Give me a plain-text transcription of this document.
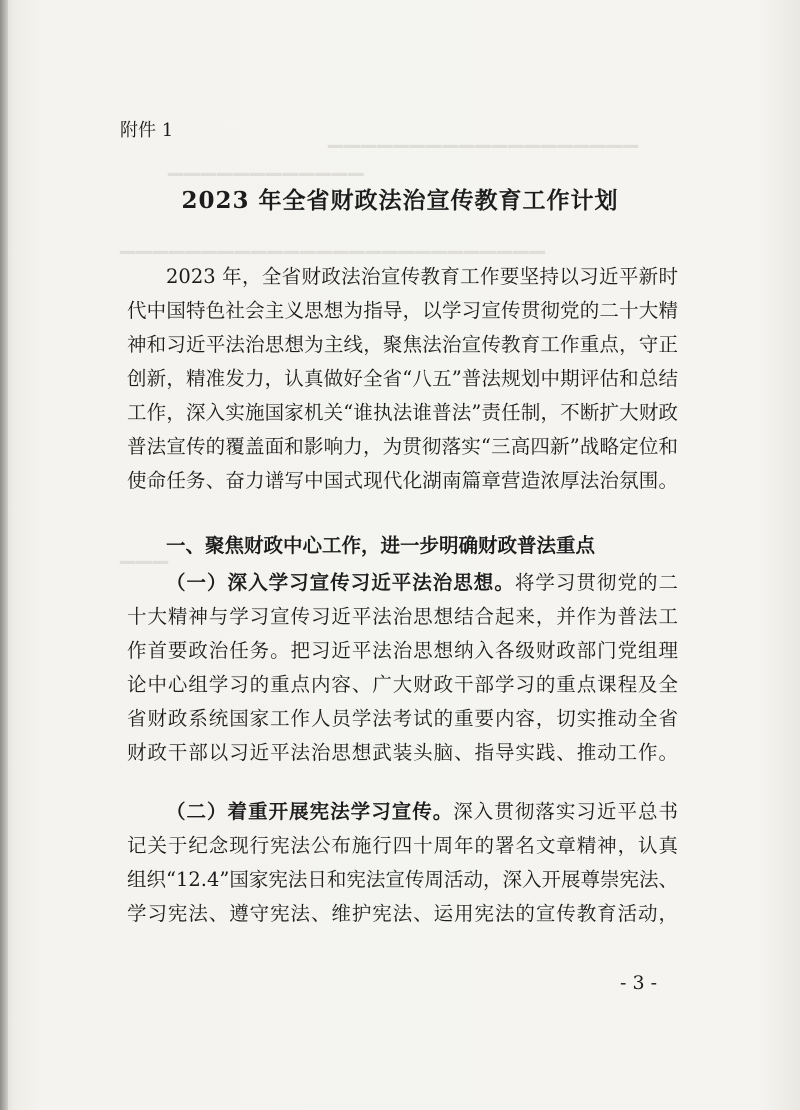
▁▁▁▁▁▁▁▁▁▁▁▁▁▁▁▁▁▁▁
▁▁▁▁▁▁▁▁▁▁▁▁
▁▁▁▁▁▁▁▁▁▁▁▁▁▁▁▁▁▁▁▁▁▁▁▁▁▁
▁▁▁
附件 1
2023 年全省财政法治宣传教育工作计划
2023 年，全省财政法治宣传教育工作要坚持以习近平新时
代中国特色社会主义思想为指导，以学习宣传贯彻党的二十大精
神和习近平法治思想为主线，聚焦法治宣传教育工作重点，守正
创新，精准发力，认真做好全省“八五”普法规划中期评估和总结
工作，深入实施国家机关“谁执法谁普法”责任制，不断扩大财政
普法宣传的覆盖面和影响力，为贯彻落实“三高四新”战略定位和
使命任务、奋力谱写中国式现代化湖南篇章营造浓厚法治氛围。
一、聚焦财政中心工作，进一步明确财政普法重点
（一）深入学习宣传习近平法治思想。将学习贯彻党的二
十大精神与学习宣传习近平法治思想结合起来，并作为普法工
作首要政治任务。把习近平法治思想纳入各级财政部门党组理
论中心组学习的重点内容、广大财政干部学习的重点课程及全
省财政系统国家工作人员学法考试的重要内容，切实推动全省
财政干部以习近平法治思想武装头脑、指导实践、推动工作。
（二）着重开展宪法学习宣传。深入贯彻落实习近平总书
记关于纪念现行宪法公布施行四十周年的署名文章精神，认真
组织“12.4”国家宪法日和宪法宣传周活动，深入开展尊崇宪法、
学习宪法、遵守宪法、维护宪法、运用宪法的宣传教育活动，
- 3 -
